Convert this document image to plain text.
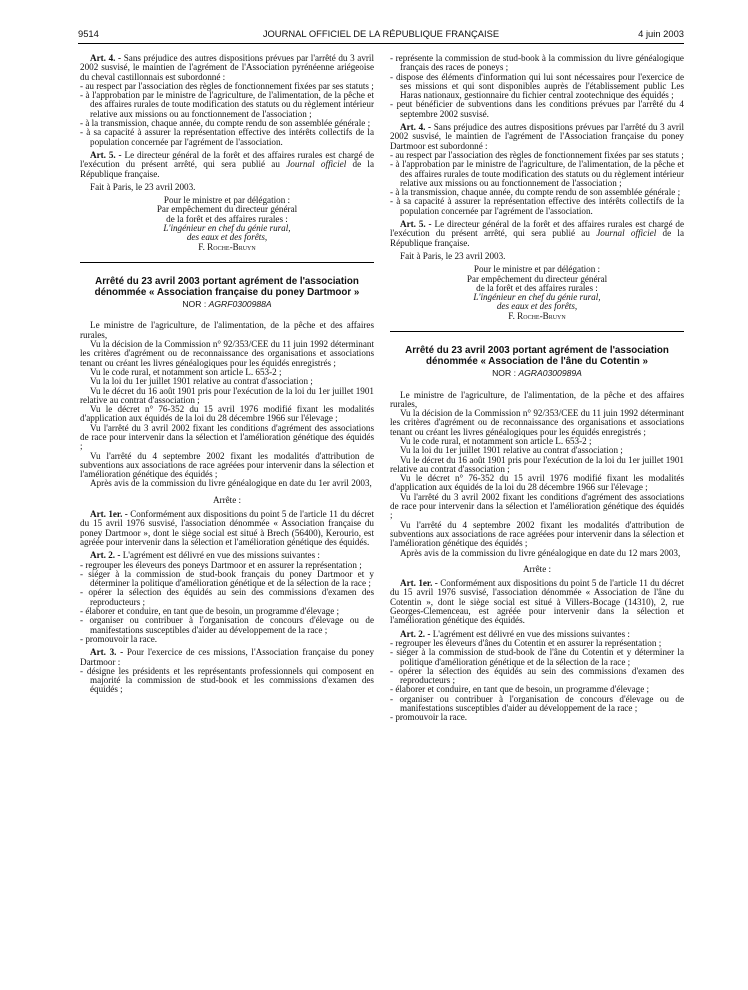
9514	JOURNAL OFFICIEL DE LA RÉPUBLIQUE FRANÇAISE	4 juin 2003

Art. 4. - Sans préjudice des autres dispositions prévues par l'arrêté du 3 avril 2002 susvisé, le maintien de l'agrément de l'Association pyrénéenne ariégeoise du cheval castillonnais est subordonné :

- au respect par l'association des règles de fonctionnement fixées par ses statuts ;

- à l'approbation par le ministre de l'agriculture, de l'alimentation, de la pêche et des affaires rurales de toute modification des statuts ou du règlement intérieur relative aux missions ou au fonctionnement de l'association ;

- à la transmission, chaque année, du compte rendu de son assemblée générale ;

- à sa capacité à assurer la représentation effective des intérêts collectifs de la population concernée par l'agrément de l'association.

Art. 5. - Le directeur général de la forêt et des affaires rurales est chargé de l'exécution du présent arrêté, qui sera publié au Journal officiel de la République française.

Fait à Paris, le 23 avril 2003.

Pour le ministre et par délégation :

Par empêchement du directeur général

de la forêt et des affaires rurales :

L'ingénieur en chef du génie rural,

des eaux et des forêts,

F. Roche-Bruyn

Arrêté du 23 avril 2003 portant agrément de l'association dénommée « Association française du poney Dartmoor »

NOR : AGRF0300988A

Le ministre de l'agriculture, de l'alimentation, de la pêche et des affaires rurales,

Vu la décision de la Commission n° 92/353/CEE du 11 juin 1992 déterminant les critères d'agrément ou de reconnaissance des organisations et associations tenant ou créant les livres généalogiques pour les équidés enregistrés ;

Vu le code rural, et notamment son article L. 653-2 ;

Vu la loi du 1er juillet 1901 relative au contrat d'association ;

Vu le décret du 16 août 1901 pris pour l'exécution de la loi du 1er juillet 1901 relative au contrat d'association ;

Vu le décret n° 76-352 du 15 avril 1976 modifié fixant les modalités d'application aux équidés de la loi du 28 décembre 1966 sur l'élevage ;

Vu l'arrêté du 3 avril 2002 fixant les conditions d'agrément des associations de race pour intervenir dans la sélection et l'amélioration génétique des équidés ;

Vu l'arrêté du 4 septembre 2002 fixant les modalités d'attribution de subventions aux associations de race agréées pour intervenir dans la sélection et l'amélioration génétique des équidés ;

Après avis de la commission du livre généalogique en date du 1er avril 2003,

Arrête :

Art. 1er. - Conformément aux dispositions du point 5 de l'article 11 du décret du 15 avril 1976 susvisé, l'association dénommée « Association française du poney Dartmoor », dont le siège social est situé à Brech (56400), Kerourio, est agréée pour intervenir dans la sélection et l'amélioration génétique des équidés.

Art. 2. - L'agrément est délivré en vue des missions suivantes :

- regrouper les éleveurs des poneys Dartmoor et en assurer la représentation ;

- siéger à la commission de stud-book français du poney Dartmoor et y déterminer la politique d'amélioration génétique et de la sélection de la race ;

- opérer la sélection des équidés au sein des commissions d'examen des reproducteurs ;

- élaborer et conduire, en tant que de besoin, un programme d'élevage ;

- organiser ou contribuer à l'organisation de concours d'élevage ou de manifestations susceptibles d'aider au développement de la race ;

- promouvoir la race.

Art. 3. - Pour l'exercice de ces missions, l'Association française du poney Dartmoor :

- désigne les présidents et les représentants professionnels qui composent en majorité la commission de stud-book et les commissions d'examen des équidés ;

- représente la commission de stud-book à la commission du livre généalogique français des races de poneys ;

- dispose des éléments d'information qui lui sont nécessaires pour l'exercice de ses missions et qui sont disponibles auprès de l'établissement public Les Haras nationaux, gestionnaire du fichier central zootechnique des équidés ;

- peut bénéficier de subventions dans les conditions prévues par l'arrêté du 4 septembre 2002 susvisé.

Art. 4. - Sans préjudice des autres dispositions prévues par l'arrêté du 3 avril 2002 susvisé, le maintien de l'agrément de l'Association française du poney Dartmoor est subordonné :

- au respect par l'association des règles de fonctionnement fixées par ses statuts ;

- à l'approbation par le ministre de l'agriculture, de l'alimentation, de la pêche et des affaires rurales de toute modification des statuts ou du règlement intérieur relative aux missions ou au fonctionnement de l'association ;

- à la transmission, chaque année, du compte rendu de son assemblée générale ;

- à sa capacité à assurer la représentation effective des intérêts collectifs de la population concernée par l'agrément de l'association.

Art. 5. - Le directeur général de la forêt et des affaires rurales est chargé de l'exécution du présent arrêté, qui sera publié au Journal officiel de la République française.

Fait à Paris, le 23 avril 2003.

Pour le ministre et par délégation :

Par empêchement du directeur général

de la forêt et des affaires rurales :

L'ingénieur en chef du génie rural,

des eaux et des forêts,

F. Roche-Bruyn

Arrêté du 23 avril 2003 portant agrément de l'association dénommée « Association de l'âne du Cotentin »

NOR : AGRA0300989A

Le ministre de l'agriculture, de l'alimentation, de la pêche et des affaires rurales,

Vu la décision de la Commission n° 92/353/CEE du 11 juin 1992 déterminant les critères d'agrément ou de reconnaissance des organisations et associations tenant ou créant les livres généalogiques pour les équidés enregistrés ;

Vu le code rural, et notamment son article L. 653-2 ;

Vu la loi du 1er juillet 1901 relative au contrat d'association ;

Vu le décret du 16 août 1901 pris pour l'exécution de la loi du 1er juillet 1901 relative au contrat d'association ;

Vu le décret n° 76-352 du 15 avril 1976 modifié fixant les modalités d'application aux équidés de la loi du 28 décembre 1966 sur l'élevage ;

Vu l'arrêté du 3 avril 2002 fixant les conditions d'agrément des associations de race pour intervenir dans la sélection et l'amélioration génétique des équidés ;

Vu l'arrêté du 4 septembre 2002 fixant les modalités d'attribution de subventions aux associations de race agréées pour intervenir dans la sélection et l'amélioration génétique des équidés ;

Après avis de la commission du livre généalogique en date du 12 mars 2003,

Arrête :

Art. 1er. - Conformément aux dispositions du point 5 de l'article 11 du décret du 15 avril 1976 susvisé, l'association dénommée « Association de l'âne du Cotentin », dont le siège social est situé à Villers-Bocage (14310), 2, rue Georges-Clemenceau, est agréée pour intervenir dans la sélection et l'amélioration génétique des équidés.

Art. 2. - L'agrément est délivré en vue des missions suivantes :

- regrouper les éleveurs d'ânes du Cotentin et en assurer la représentation ;

- siéger à la commission de stud-book de l'âne du Cotentin et y déterminer la politique d'amélioration génétique et de la sélection de la race ;

- opérer la sélection des équidés au sein des commissions d'examen des reproducteurs ;

- élaborer et conduire, en tant que de besoin, un programme d'élevage ;

- organiser ou contribuer à l'organisation de concours d'élevage ou de manifestations susceptibles d'aider au développement de la race ;

- promouvoir la race.
